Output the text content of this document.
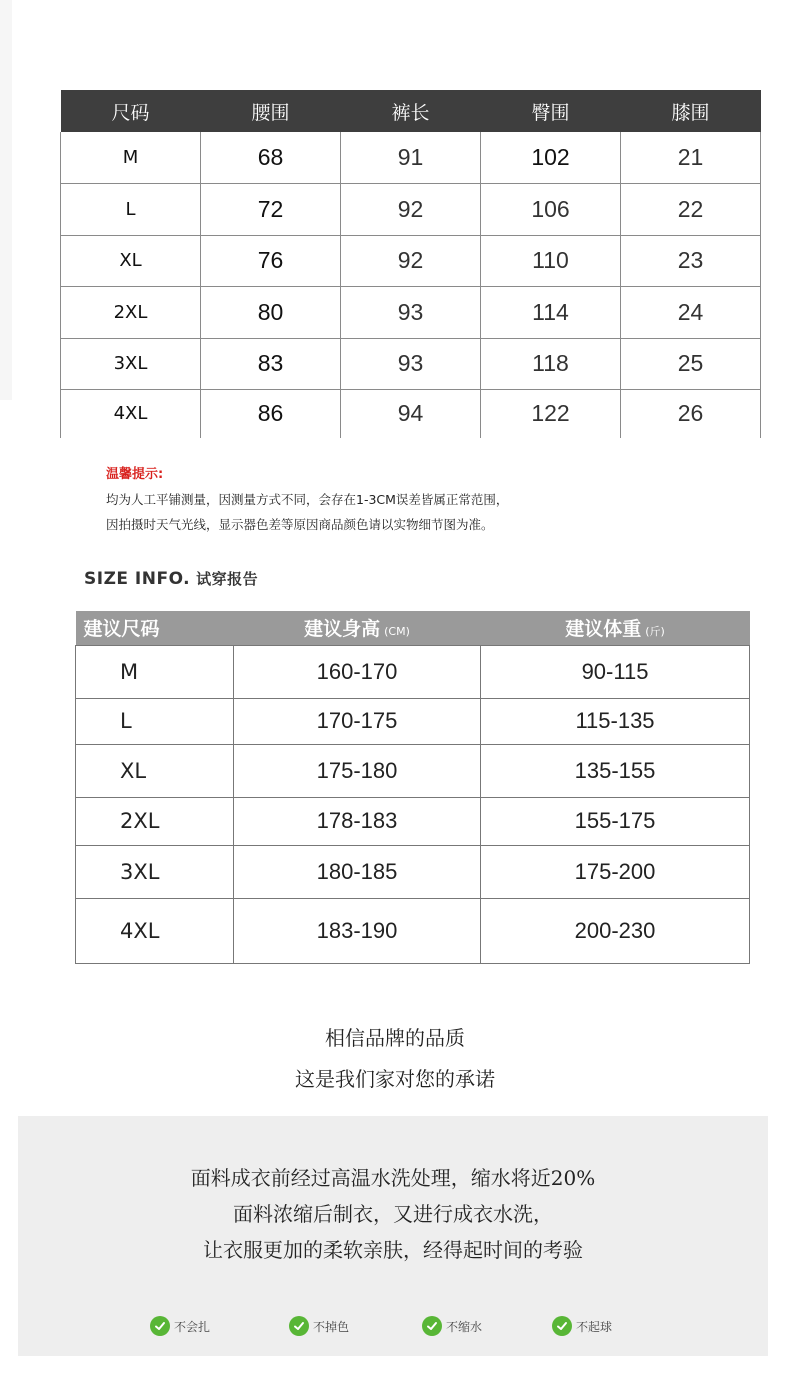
尺码	腰围	裤长	臀围	膝围
M	68	91	102	21
L	72	92	106	22
XL	76	92	110	23
2XL	80	93	114	24
3XL	83	93	118	25
4XL	86	94	122	26
温馨提示:
均为人工平铺测量，因测量方式不同，会存在1-3CM误差皆属正常范围，
因拍摄时天气光线，显示器色差等原因商品颜色请以实物细节图为准。
SIZE INFO. 试穿报告
建议尺码	建议身高 (CM)	建议体重 (斤)
M	160-170	90-115
L	170-175	115-135
XL	175-180	135-155
2XL	178-183	155-175
3XL	180-185	175-200
4XL	183-190	200-230
相信品牌的品质
这是我们家对您的承诺
面料成衣前经过高温水洗处理，缩水将近20%
面料浓缩后制衣，又进行成衣水洗，
让衣服更加的柔软亲肤，经得起时间的考验
不会扎	不掉色	不缩水	不起球
